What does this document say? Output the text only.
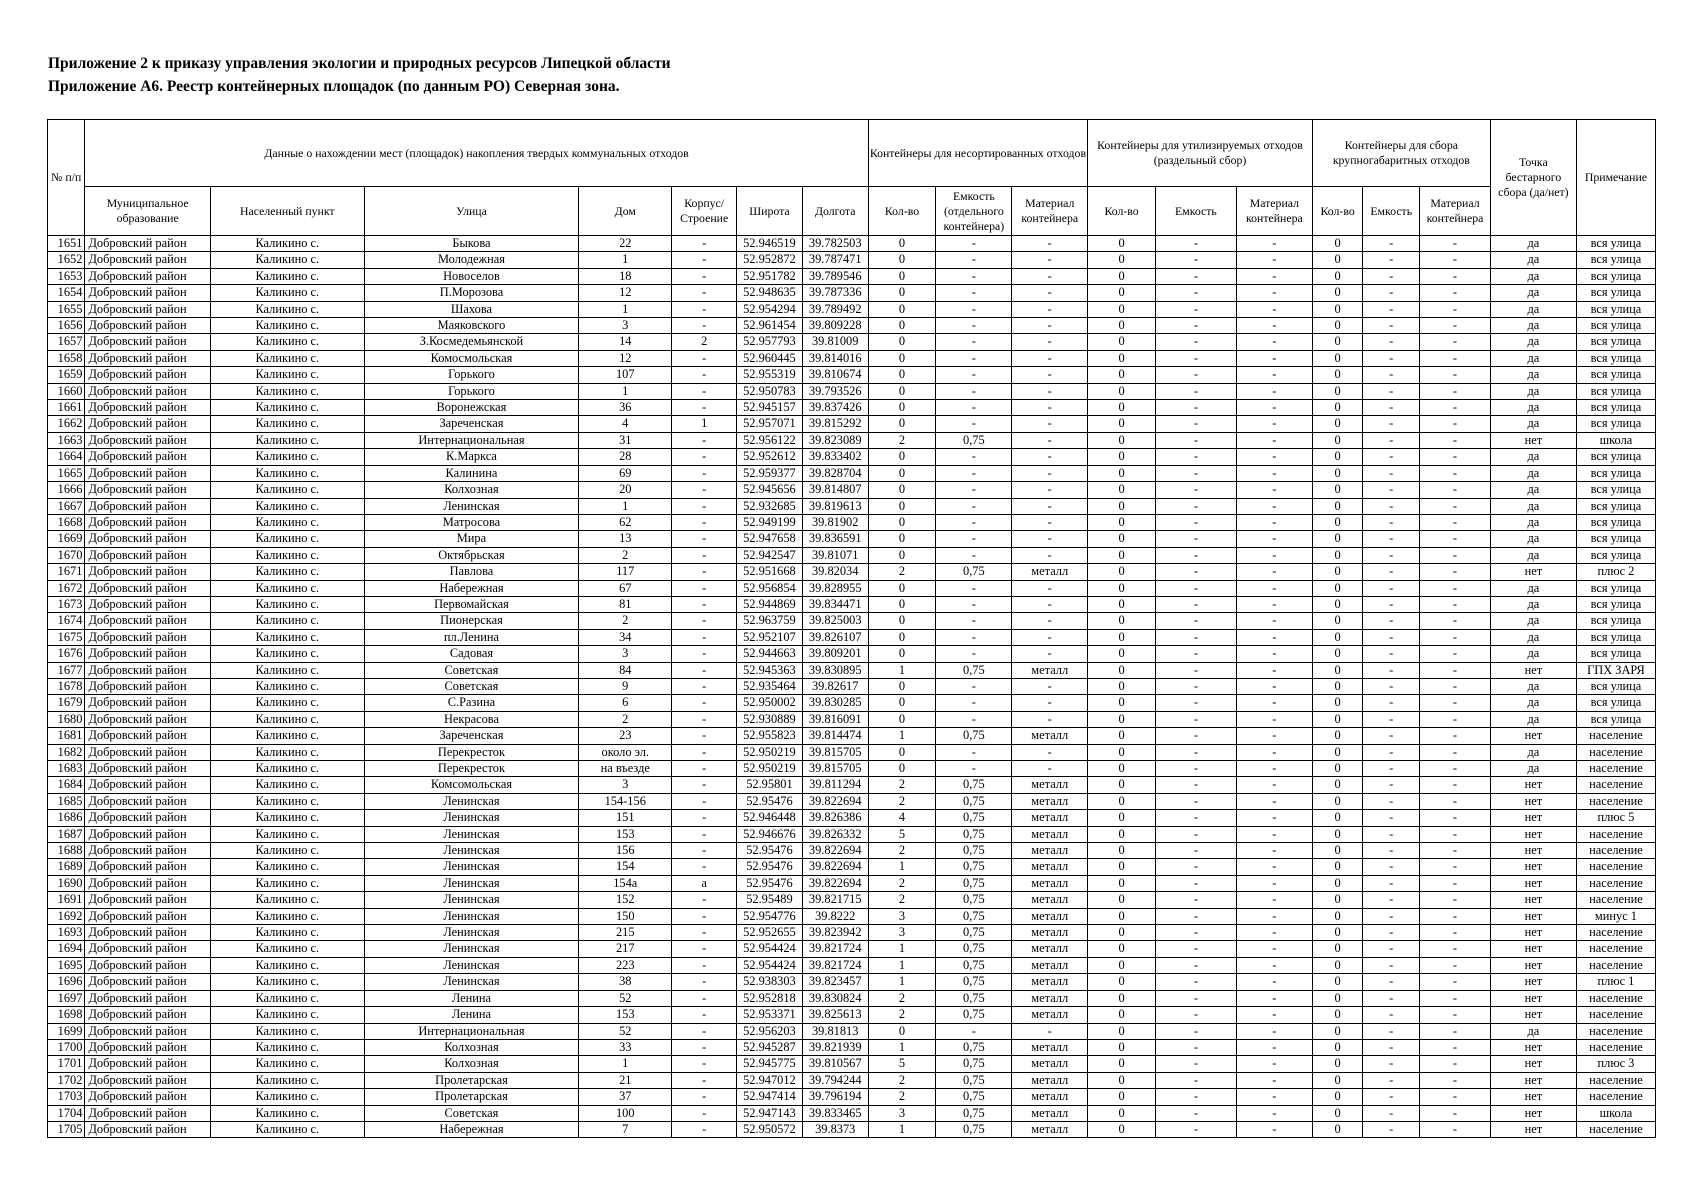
Приложение 2 к приказу управления экологии и природных ресурсов Липецкой области
Приложение А6. Реестр контейнерных площадок (по данным РО) Северная зона.
№ п/п	Данные о нахождении мест (площадок) накопления твердых коммунальных отходов							Контейнеры для несортированных отходов			Контейнеры для утилизируемых отходов (раздельный сбор)			Контейнеры для сбора крупногабаритных отходов			Точка бестарного сбора (да/нет)	Примечание
	Муниципальное образование	Населенный пункт	Улица	Дом	Корпус/ Строение	Широта	Долгота	Кол-во	Емкость (отдельного контейнера)	Материал контейнера	Кол-во	Емкость	Материал контейнера	Кол-во	Емкость	Материал контейнера		
1651	Добровский район	Каликино с.	Быкова	22	-	52.946519	39.782503	0	-	-	0	-	-	0	-	-	да	вся улица
1652	Добровский район	Каликино с.	Молодежная	1	-	52.952872	39.787471	0	-	-	0	-	-	0	-	-	да	вся улица
1653	Добровский район	Каликино с.	Новоселов	18	-	52.951782	39.789546	0	-	-	0	-	-	0	-	-	да	вся улица
1654	Добровский район	Каликино с.	П.Морозова	12	-	52.948635	39.787336	0	-	-	0	-	-	0	-	-	да	вся улица
1655	Добровский район	Каликино с.	Шахова	1	-	52.954294	39.789492	0	-	-	0	-	-	0	-	-	да	вся улица
1656	Добровский район	Каликино с.	Маяковского	3	-	52.961454	39.809228	0	-	-	0	-	-	0	-	-	да	вся улица
1657	Добровский район	Каликино с.	З.Космедемьянской	14	2	52.957793	39.81009	0	-	-	0	-	-	0	-	-	да	вся улица
1658	Добровский район	Каликино с.	Комосмольская	12	-	52.960445	39.814016	0	-	-	0	-	-	0	-	-	да	вся улица
1659	Добровский район	Каликино с.	Горького	107	-	52.955319	39.810674	0	-	-	0	-	-	0	-	-	да	вся улица
1660	Добровский район	Каликино с.	Горького	1	-	52.950783	39.793526	0	-	-	0	-	-	0	-	-	да	вся улица
1661	Добровский район	Каликино с.	Воронежская	36	-	52.945157	39.837426	0	-	-	0	-	-	0	-	-	да	вся улица
1662	Добровский район	Каликино с.	Зареченская	4	1	52.957071	39.815292	0	-	-	0	-	-	0	-	-	да	вся улица
1663	Добровский район	Каликино с.	Интернациональная	31	-	52.956122	39.823089	2	0,75	-	0	-	-	0	-	-	нет	школа
1664	Добровский район	Каликино с.	К.Маркса	28	-	52.952612	39.833402	0	-	-	0	-	-	0	-	-	да	вся улица
1665	Добровский район	Каликино с.	Калинина	69	-	52.959377	39.828704	0	-	-	0	-	-	0	-	-	да	вся улица
1666	Добровский район	Каликино с.	Колхозная	20	-	52.945656	39.814807	0	-	-	0	-	-	0	-	-	да	вся улица
1667	Добровский район	Каликино с.	Ленинская	1	-	52.932685	39.819613	0	-	-	0	-	-	0	-	-	да	вся улица
1668	Добровский район	Каликино с.	Матросова	62	-	52.949199	39.81902	0	-	-	0	-	-	0	-	-	да	вся улица
1669	Добровский район	Каликино с.	Мира	13	-	52.947658	39.836591	0	-	-	0	-	-	0	-	-	да	вся улица
1670	Добровский район	Каликино с.	Октябрьская	2	-	52.942547	39.81071	0	-	-	0	-	-	0	-	-	да	вся улица
1671	Добровский район	Каликино с.	Павлова	117	-	52.951668	39.82034	2	0,75	металл	0	-	-	0	-	-	нет	плюс 2
1672	Добровский район	Каликино с.	Набережная	67	-	52.956854	39.828955	0	-	-	0	-	-	0	-	-	да	вся улица
1673	Добровский район	Каликино с.	Первомайская	81	-	52.944869	39.834471	0	-	-	0	-	-	0	-	-	да	вся улица
1674	Добровский район	Каликино с.	Пионерская	2	-	52.963759	39.825003	0	-	-	0	-	-	0	-	-	да	вся улица
1675	Добровский район	Каликино с.	пл.Ленина	34	-	52.952107	39.826107	0	-	-	0	-	-	0	-	-	да	вся улица
1676	Добровский район	Каликино с.	Садовая	3	-	52.944663	39.809201	0	-	-	0	-	-	0	-	-	да	вся улица
1677	Добровский район	Каликино с.	Советская	84	-	52.945363	39.830895	1	0,75	металл	0	-	-	0	-	-	нет	ГПХ ЗАРЯ
1678	Добровский район	Каликино с.	Советская	9	-	52.935464	39.82617	0	-	-	0	-	-	0	-	-	да	вся улица
1679	Добровский район	Каликино с.	С.Разина	6	-	52.950002	39.830285	0	-	-	0	-	-	0	-	-	да	вся улица
1680	Добровский район	Каликино с.	Некрасова	2	-	52.930889	39.816091	0	-	-	0	-	-	0	-	-	да	вся улица
1681	Добровский район	Каликино с.	Зареченская	23	-	52.955823	39.814474	1	0,75	металл	0	-	-	0	-	-	нет	население
1682	Добровский район	Каликино с.	Перекресток	около эл.	-	52.950219	39.815705	0	-	-	0	-	-	0	-	-	да	население
1683	Добровский район	Каликино с.	Перекресток	на въезде	-	52.950219	39.815705	0	-	-	0	-	-	0	-	-	да	население
1684	Добровский район	Каликино с.	Комсомольская	3	-	52.95801	39.811294	2	0,75	металл	0	-	-	0	-	-	нет	население
1685	Добровский район	Каликино с.	Ленинская	154-156	-	52.95476	39.822694	2	0,75	металл	0	-	-	0	-	-	нет	население
1686	Добровский район	Каликино с.	Ленинская	151	-	52.946448	39.826386	4	0,75	металл	0	-	-	0	-	-	нет	плюс 5
1687	Добровский район	Каликино с.	Ленинская	153	-	52.946676	39.826332	5	0,75	металл	0	-	-	0	-	-	нет	население
1688	Добровский район	Каликино с.	Ленинская	156	-	52.95476	39.822694	2	0,75	металл	0	-	-	0	-	-	нет	население
1689	Добровский район	Каликино с.	Ленинская	154	-	52.95476	39.822694	1	0,75	металл	0	-	-	0	-	-	нет	население
1690	Добровский район	Каликино с.	Ленинская	154а	а	52.95476	39.822694	2	0,75	металл	0	-	-	0	-	-	нет	население
1691	Добровский район	Каликино с.	Ленинская	152	-	52.95489	39.821715	2	0,75	металл	0	-	-	0	-	-	нет	население
1692	Добровский район	Каликино с.	Ленинская	150	-	52.954776	39.8222	3	0,75	металл	0	-	-	0	-	-	нет	минус 1
1693	Добровский район	Каликино с.	Ленинская	215	-	52.952655	39.823942	3	0,75	металл	0	-	-	0	-	-	нет	население
1694	Добровский район	Каликино с.	Ленинская	217	-	52.954424	39.821724	1	0,75	металл	0	-	-	0	-	-	нет	население
1695	Добровский район	Каликино с.	Ленинская	223	-	52.954424	39.821724	1	0,75	металл	0	-	-	0	-	-	нет	население
1696	Добровский район	Каликино с.	Ленинская	38	-	52.938303	39.823457	1	0,75	металл	0	-	-	0	-	-	нет	плюс 1
1697	Добровский район	Каликино с.	Ленина	52	-	52.952818	39.830824	2	0,75	металл	0	-	-	0	-	-	нет	население
1698	Добровский район	Каликино с.	Ленина	153	-	52.953371	39.825613	2	0,75	металл	0	-	-	0	-	-	нет	население
1699	Добровский район	Каликино с.	Интернациональная	52	-	52.956203	39.81813	0	-	-	0	-	-	0	-	-	да	население
1700	Добровский район	Каликино с.	Колхозная	33	-	52.945287	39.821939	1	0,75	металл	0	-	-	0	-	-	нет	население
1701	Добровский район	Каликино с.	Колхозная	1	-	52.945775	39.810567	5	0,75	металл	0	-	-	0	-	-	нет	плюс 3
1702	Добровский район	Каликино с.	Пролетарская	21	-	52.947012	39.794244	2	0,75	металл	0	-	-	0	-	-	нет	население
1703	Добровский район	Каликино с.	Пролетарская	37	-	52.947414	39.796194	2	0,75	металл	0	-	-	0	-	-	нет	население
1704	Добровский район	Каликино с.	Советская	100	-	52.947143	39.833465	3	0,75	металл	0	-	-	0	-	-	нет	школа
1705	Добровский район	Каликино с.	Набережная	7	-	52.950572	39.8373	1	0,75	металл	0	-	-	0	-	-	нет	население
